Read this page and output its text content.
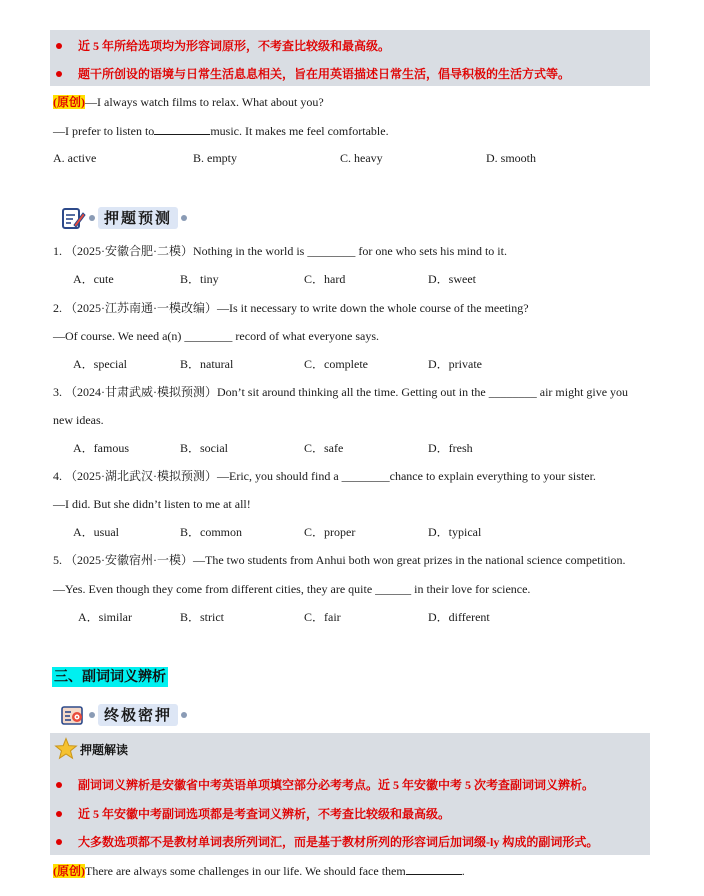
近 5 年所给选项均为形容词原形，不考查比较级和最高级。
题干所创设的语境与日常生活息息相关，旨在用英语描述日常生活，倡导积极的生活方式等。
(原创)—I always watch films to relax. What about you?
—I prefer to listen to	music. It makes me feel comfortable.
A. active	B. empty	C. heavy	D. smooth
押题预测
1. （2025·安徽合肥·二模）Nothing in the world is ________ for one who sets his mind to it.
A．cute	B．tiny	C．hard	D．sweet
2. （2025·江苏南通·一模改编）—Is it necessary to write down the whole course of the meeting?
—Of course. We need a(n) ________ record of what everyone says.
A．special	B．natural	C．complete	D．private
3. （2024·甘肃武威·模拟预测）Don’t sit around thinking all the time. Getting out in the ________ air might give you
new ideas.
A．famous	B．social	C．safe	D．fresh
4. （2025·湖北武汉·模拟预测）—Eric, you should find a ________chance to explain everything to your sister.
—I did. But she didn’t listen to me at all!
A．usual	B．common	C．proper	D．typical
5. （2025·安徽宿州·一模）—The two students from Anhui both won great prizes in the national science competition.
—Yes. Even though they come from different cities, they are quite ______ in their love for science.
A．similar	B．strict	C．fair	D．different
三、副词词义辨析
终极密押
押题解读
副词词义辨析是安徽省中考英语单项填空部分必考考点。近 5 年安徽中考 5 次考查副词词义辨析。
近 5 年安徽中考副词选项都是考查词义辨析，不考查比较级和最高级。
大多数选项都不是教材单词表所列词汇，而是基于教材所列的形容词后加词缀-ly 构成的副词形式。
(原创)There are always some challenges in our life. We should face them	.
